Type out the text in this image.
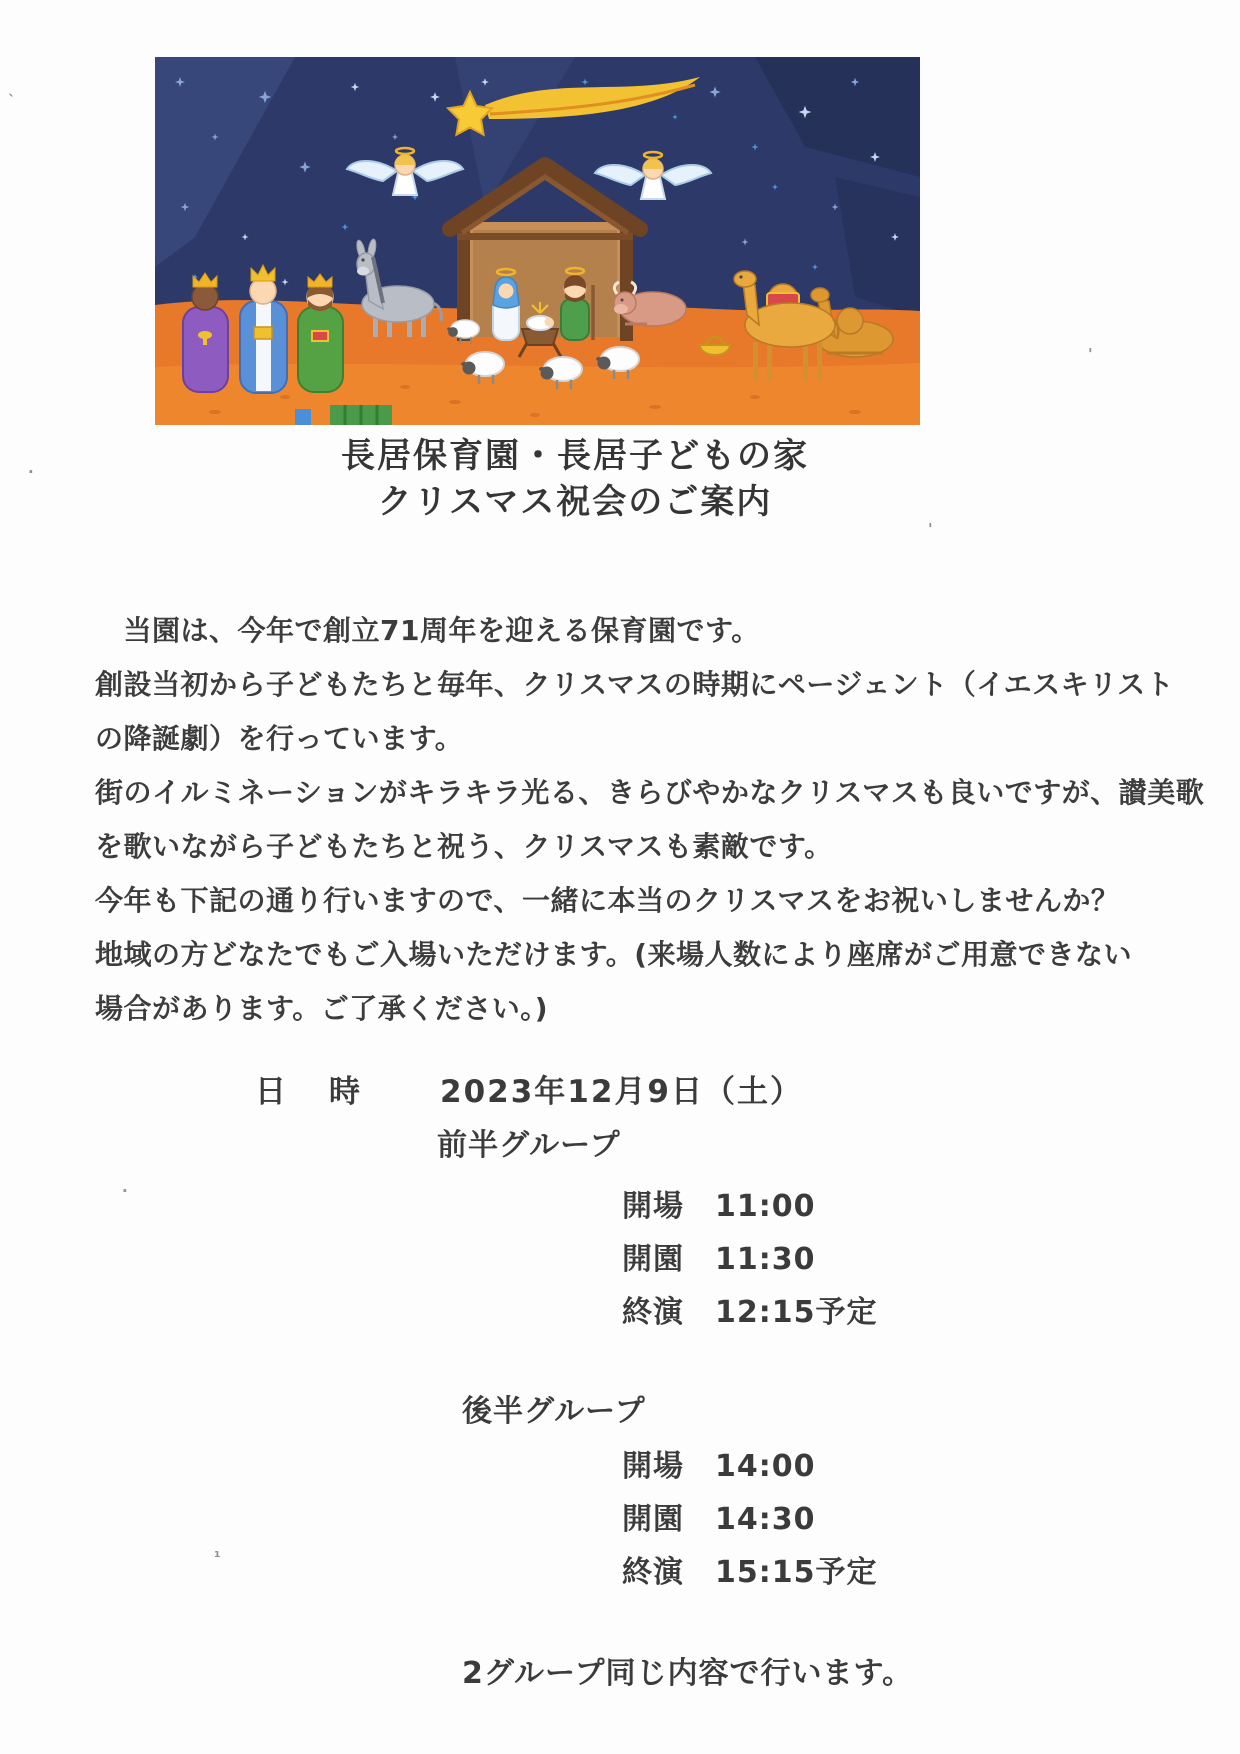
長居保育園・長居子どもの家
クリスマス祝会のご案内
　当園は、今年で創立71周年を迎える保育園です。
創設当初から子どもたちと毎年、クリスマスの時期にページェント（イエスキリスト
の降誕劇）を行っています。
街のイルミネーションがキラキラ光る、きらびやかなクリスマスも良いですが、讃美歌
を歌いながら子どもたちと祝う、クリスマスも素敵です。
今年も下記の通り行いますので、一緒に本当のクリスマスをお祝いしませんか？
地域の方どなたでもご入場いただけます。(来場人数により座席がご用意できない
場合があります。ご了承ください。)
日　時 2023年12月9日（土）
前半グループ
開場　11:00
開園　11:30
終演　12:15予定
後半グループ
開場　14:00
開園　14:30
終演　15:15予定
2グループ同じ内容で行います。
`
'
'
·
·
¹
